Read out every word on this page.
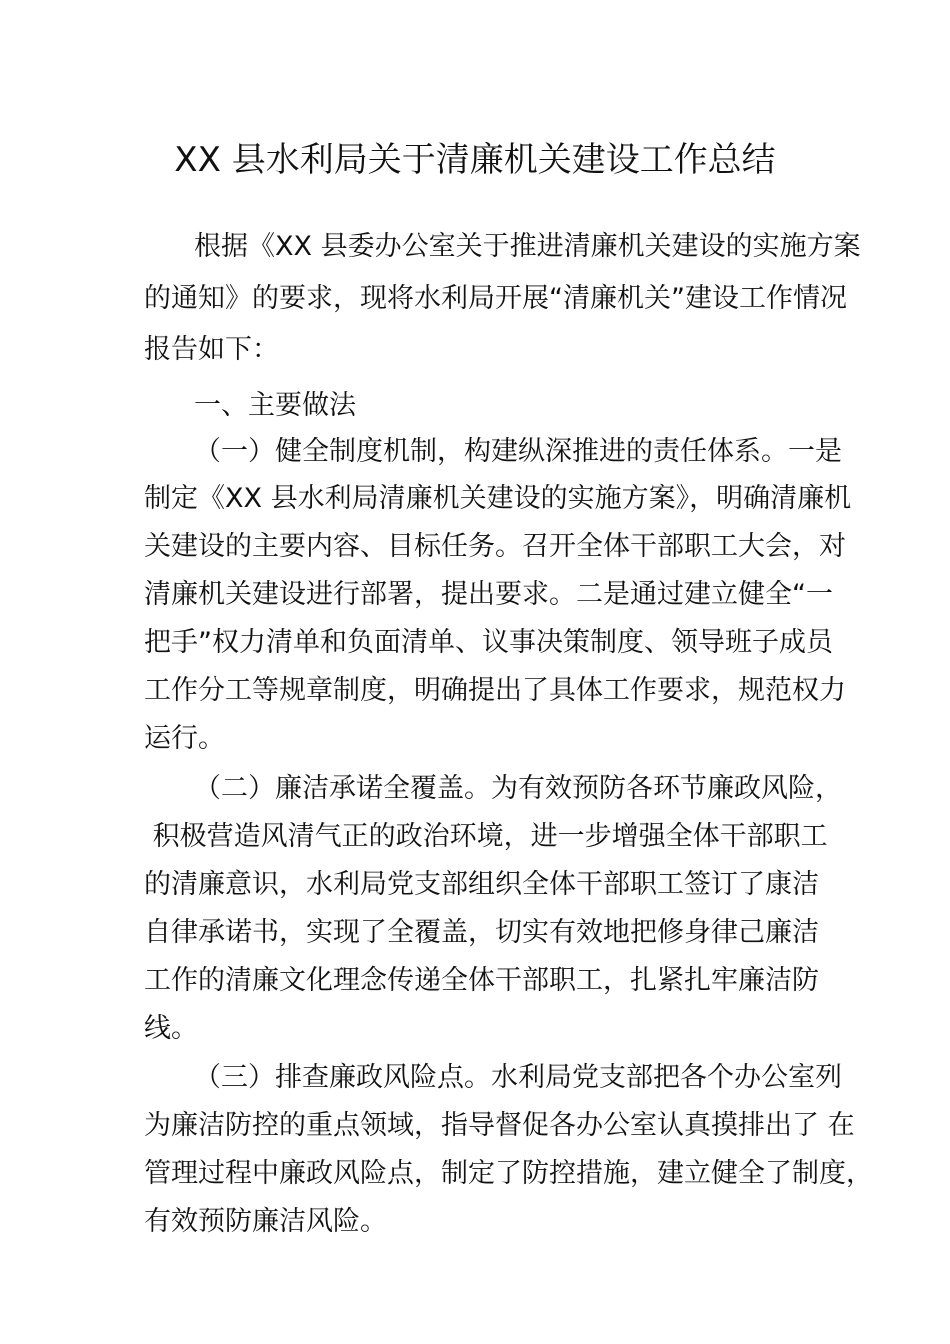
XX 县水利局关于清廉机关建设工作总结

根据《XX 县委办公室关于推进清廉机关建设的实施方案

的通知》的要求，现将水利局开展“清廉机关”建设工作情况

报告如下：

一、主要做法

（一）健全制度机制，构建纵深推进的责任体系。一是

制定《XX 县水利局清廉机关建设的实施方案》，明确清廉机

关建设的主要内容、目标任务。召开全体干部职工大会，对

清廉机关建设进行部署，提出要求。二是通过建立健全“一

把手”权力清单和负面清单、议事决策制度、领导班子成员

工作分工等规章制度，明确提出了具体工作要求，规范权力

运行。

（二）廉洁承诺全覆盖。为有效预防各环节廉政风险，

积极营造风清气正的政治环境，进一步增强全体干部职工

的清廉意识，水利局党支部组织全体干部职工签订了康洁

自律承诺书，实现了全覆盖，切实有效地把修身律己廉洁

工作的清廉文化理念传递全体干部职工，扎紧扎牢廉洁防

线。

（三）排查廉政风险点。水利局党支部把各个办公室列

为廉洁防控的重点领域，指导督促各办公室认真摸排出了 在

管理过程中廉政风险点，制定了防控措施，建立健全了制度，

有效预防廉洁风险。
